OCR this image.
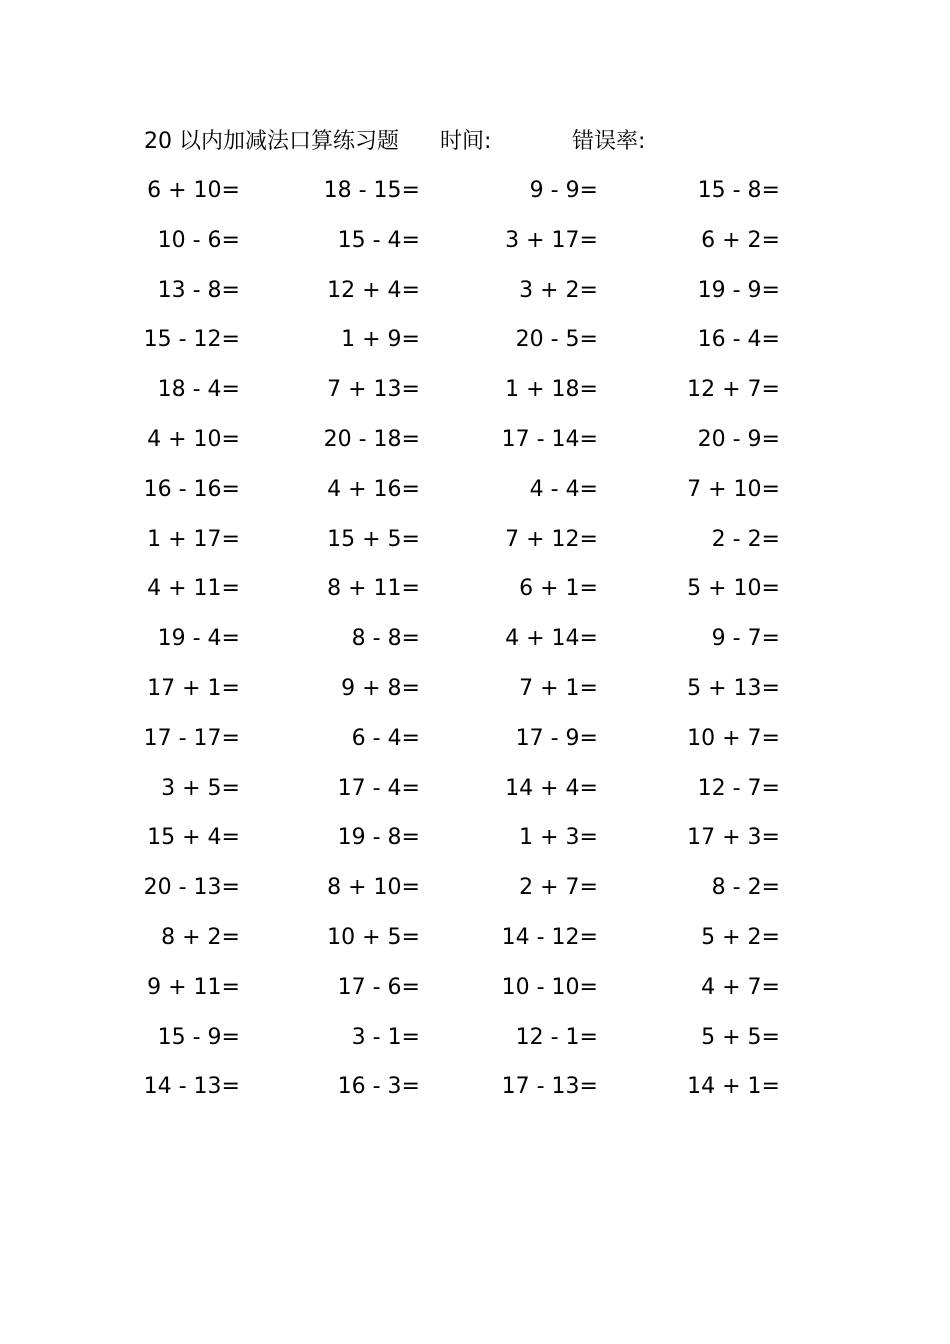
20 以内加减法口算练习题 时间:	错误率:
6 + 10=	18 - 15=	9 - 9=	15 - 8=
10 - 6=	15 - 4=	3 + 17=	6 + 2=
13 - 8=	12 + 4=	3 + 2=	19 - 9=
15 - 12=	1 + 9=	20 - 5=	16 - 4=
18 - 4=	7 + 13=	1 + 18=	12 + 7=
4 + 10=	20 - 18=	17 - 14=	20 - 9=
16 - 16=	4 + 16=	4 - 4=	7 + 10=
1 + 17=	15 + 5=	7 + 12=	2 - 2=
4 + 11=	8 + 11=	6 + 1=	5 + 10=
19 - 4=	8 - 8=	4 + 14=	9 - 7=
17 + 1=	9 + 8=	7 + 1=	5 + 13=
17 - 17=	6 - 4=	17 - 9=	10 + 7=
3 + 5=	17 - 4=	14 + 4=	12 - 7=
15 + 4=	19 - 8=	1 + 3=	17 + 3=
20 - 13=	8 + 10=	2 + 7=	8 - 2=
8 + 2=	10 + 5=	14 - 12=	5 + 2=
9 + 11=	17 - 6=	10 - 10=	4 + 7=
15 - 9=	3 - 1=	12 - 1=	5 + 5=
14 - 13=	16 - 3=	17 - 13=	14 + 1=
